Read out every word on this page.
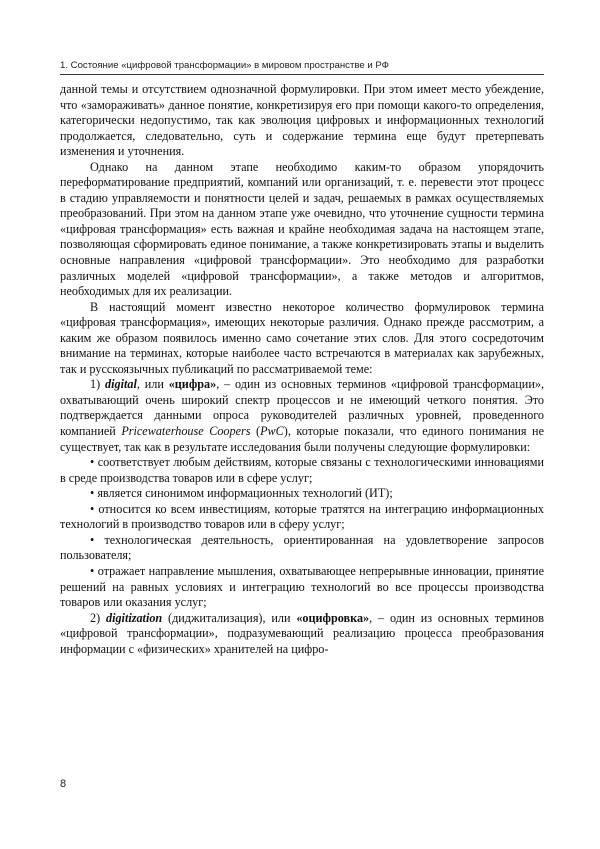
1. Состояние «цифровой трансформации» в мировом пространстве и РФ

данной темы и отсутствием однозначной формулировки. При этом имеет место убеждение, что «замораживать» данное понятие, конкретизируя его при помощи какого-то определения, категорически недопустимо, так как эволюция цифровых и информационных технологий продолжается, следовательно, суть и содержание термина еще будут претерпевать изменения и уточнения.

Однако на данном этапе необходимо каким-то образом упорядочить переформатирование предприятий, компаний или организаций, т. е. перевести этот процесс в стадию управляемости и понятности целей и задач, решаемых в рамках осуществляемых преобразований. При этом на данном этапе уже очевидно, что уточнение сущности термина «цифровая трансформация» есть важная и крайне необходимая задача на настоящем этапе, позволяющая сформировать единое понимание, а также конкретизировать этапы и выделить основные направления «цифровой трансформации». Это необходимо для разработки различных моделей «цифровой трансформации», а также методов и алгоритмов, необходимых для их реализации.

В настоящий момент известно некоторое количество формулировок термина «цифровая трансформация», имеющих некоторые различия. Однако прежде рассмотрим, а каким же образом появилось именно само сочетание этих слов. Для этого сосредоточим внимание на терминах, которые наиболее часто встречаются в материалах как зарубежных, так и русскоязычных публикаций по рассматриваемой теме:

1) digital, или «цифра», – один из основных терминов «цифровой трансформации», охватывающий очень широкий спектр процессов и не имеющий четкого понятия. Это подтверждается данными опроса руководителей различных уровней, проведенного компанией Pricewaterhouse Coopers (PwC), которые показали, что единого понимания не существует, так как в результате исследования были получены следующие формулировки:

• соответствует любым действиям, которые связаны с технологическими инновациями в среде производства товаров или в сфере услуг;

• является синонимом информационных технологий (ИТ);

• относится ко всем инвестициям, которые тратятся на интеграцию информационных технологий в производство товаров или в сферу услуг;

• технологическая деятельность, ориентированная на удовлетворение запросов пользователя;

• отражает направление мышления, охватывающее непрерывные инновации, принятие решений на равных условиях и интеграцию технологий во все процессы производства товаров или оказания услуг;

2) digitization (диджитализация), или «оцифровка», – один из основных терминов «цифровой трансформации», подразумевающий реализацию процесса преобразования информации с «физических» хранителей на цифро-

8
